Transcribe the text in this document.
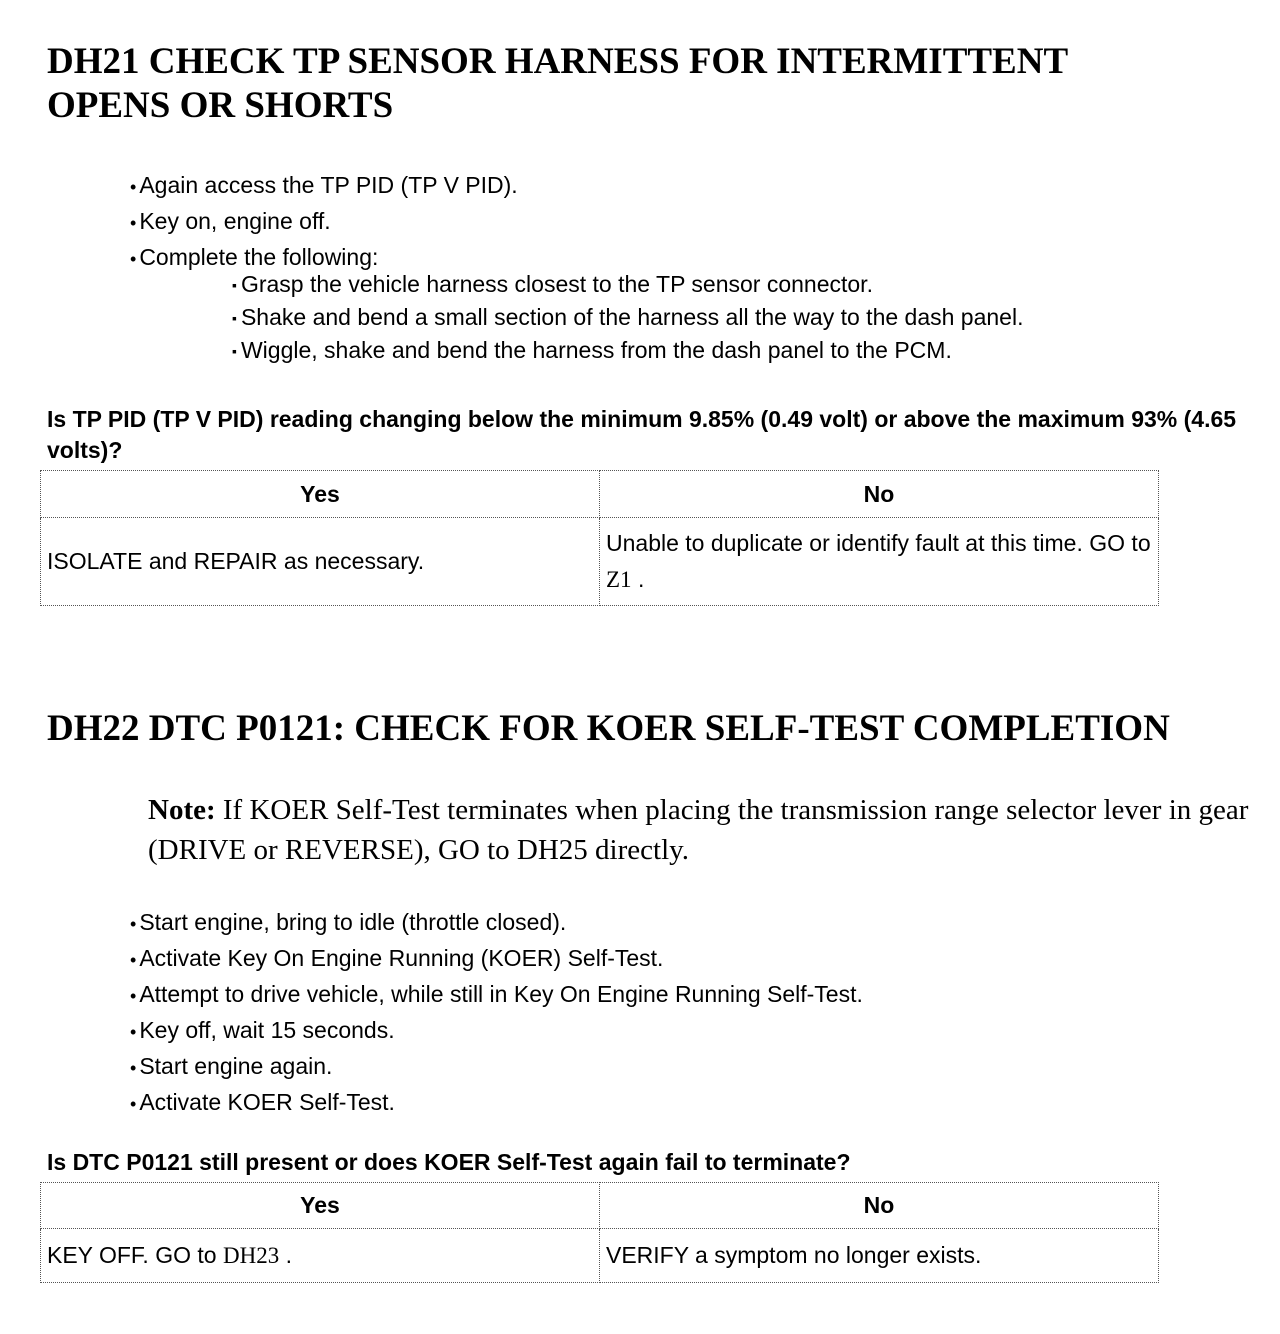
DH21 CHECK TP SENSOR HARNESS FOR INTERMITTENT
OPENS OR SHORTS
• Again access the TP PID (TP V PID).
• Key on, engine off.
• Complete the following:
▪ Grasp the vehicle harness closest to the TP sensor connector.
▪ Shake and bend a small section of the harness all the way to the dash panel.
▪ Wiggle, shake and bend the harness from the dash panel to the PCM.
Is TP PID (TP V PID) reading changing below the minimum 9.85% (0.49 volt) or above the maximum 93% (4.65 volts)?
Yes	No
ISOLATE and REPAIR as necessary.	Unable to duplicate or identify fault at this time. GO to Z1 .
DH22 DTC P0121: CHECK FOR KOER SELF-TEST COMPLETION
Note: If KOER Self-Test terminates when placing the transmission range selector lever in gear (DRIVE or REVERSE), GO to DH25 directly.
• Start engine, bring to idle (throttle closed).
• Activate Key On Engine Running (KOER) Self-Test.
• Attempt to drive vehicle, while still in Key On Engine Running Self-Test.
• Key off, wait 15 seconds.
• Start engine again.
• Activate KOER Self-Test.
Is DTC P0121 still present or does KOER Self-Test again fail to terminate?
Yes	No
KEY OFF. GO to DH23 .	VERIFY a symptom no longer exists.
